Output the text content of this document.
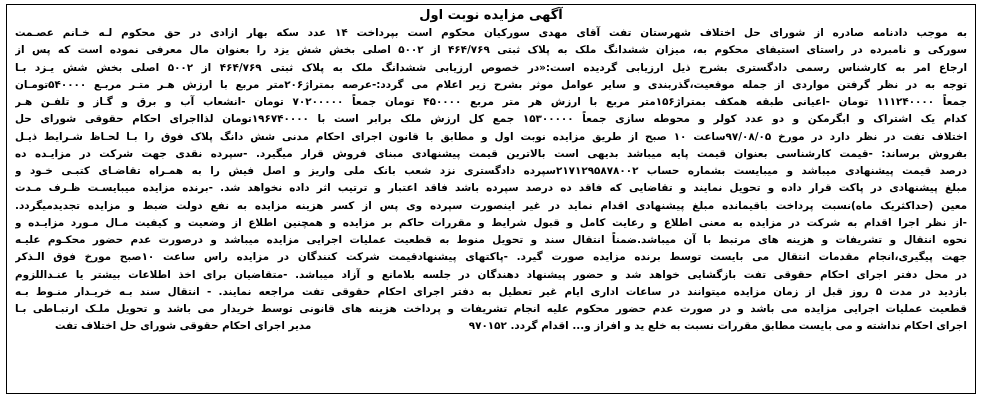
آگهی مزایده نوبت اول
به موجب دادنامه صادره از شورای حل اختلاف شهرستان تفت آقای مهدی سورکیان محکوم است بپرداخت ۱۴ عدد سکه بهار ازادی در حق محکوم لـه خـانم عصـمت
سورکی و نامبرده در راستای استیفای محکوم به، میزان ششدانگ ملک به پلاک ثبتی ۴۶۴/۷۶۹ از ۵۰۰۲ اصلی بخش شش یزد را بعنوان مال معرفی نموده است که پس از
ارجاع امر به کارشناس رسمی دادگستری بشرح ذیل ارزیابی گردیده است:«در خصوص ارزیابی ششدانگ ملک به پلاک ثبتی ۴۶۴/۷۶۹ از ۵۰۰۲ اصلی بخش شش یـزد بـا
توجه به در نظر گرفتن مواردی از جمله موقعیت،گذربندی و سایر عوامل موثر بشرح زیر اعلام می گردد:-عرصه بمتراژ۲۰۶متر مربع با ارزش هـر متـر مربـع ۵۴۰۰۰۰تومـان
جمعاً ۱۱۱۲۴۰۰۰۰ تومان -اعیانی طبقه همکف بمتراژ۱۵۶متر مربع با ارزش هر متر مربع ۴۵۰۰۰۰ تومان جمعاً ۷۰۲۰۰۰۰۰ تومان -انشعاب آب و برق و گـاز و تلفـن هـر
کدام یک اشتراک و ابگرمکن و دو عدد کولر و محوطه سازی جمعاً ۱۵۳۰۰۰۰۰ جمع کل ارزش ملک برابر است با ۱۹۶۷۴۰۰۰۰تومان لذااجرای احکام حقوقی شورای حل
اختلاف تفت در نظر دارد در مورخ ۹۷/۰۸/۰۵ساعت ۱۰ صبح از طریق مزایده نوبت اول و مطابق با قانون اجرای احکام مدنی شش دانگ پلاک فوق را بـا لحـاظ شـرایط ذیـل
بفروش برساند: -قیمت کارشناسی بعنوان قیمت پایه میباشد بدیهی است بالاترین قیمت پیشنهادی مبنای فروش قرار میگیرد. -سپرده نقدی جهت شرکت در مزایـده ده
درصد قیمت پیشنهادی میباشد و میبایست بشماره حساب ۲۱۷۱۲۹۵۸۷۸۰۰۲سپرده دادگستری نزد شعب بانک ملی واریز و اصل فیش را به همـراه تقاضـای کتبـی خـود و
مبلغ پیشنهادی در پاکت قرار داده و تحویل نمایند و تقاضایی که فاقد ده درصد سپرده باشد فاقد اعتبار و ترتیب اثر داده نخواهد شد. -برنده مزایده میبایسـت ظـرف مـدت
معین (حداکثریک ماه)نسبت پرداخت باقیمانده مبلغ پیشنهادی اقدام نماید در غیر اینصورت سپرده وی پس از کسر هزینه مزایده به نفع دولت ضبط و مزایده تجدیدمیگردد.
-از نظر اجرا اقدام به شرکت در مزایده به معنی اطلاع و رعایت کامل و قبول شرایط و مقررات حاکم بر مزایده و همچنین اطلاع از وضعیت و کیفیت مـال مـورد مزایـده و
نحوه انتقال و تشریفات و هزینه های مرتبط با آن میباشد.ضمناً انتقال سند و تحویل منوط به قطعیت عملیات اجرایی مزایده میباشد و درصورت عدم حضور محکـوم علیـه
جهت پیگیری،انجام مقدمات انتقال می بایست توسط برنده مزایده صورت گیرد. -پاکتهای پیشنهادقیمت شرکت کنندگان در مزایده راس ساعت ۱۰صبح مورخ فوق الـذکر
در محل دفتر اجرای احکام حقوقی تفت بازگشایی خواهد شد و حضور پیشنهاد دهندگان در جلسه بلامانع و آزاد میباشد. -متقاضیان برای اخذ اطلاعات بیشتر یا عنـدالل‍زوم
بازدید در مدت ۵ روز قبل از زمان مزایده میتوانند در ساعات اداری ایام غیر تعطیل به دفتر اجرای احکام حقوقی تفت مراجعه نمایند. - انتقال سند بـه خریـدار منـوط بـه
قطعیت عملیات اجرایی مزایده می باشد و در صورت عدم حضور محکوم علیه انجام تشریفات و پرداخت هزینه های قانونی توسط خریدار می باشد و تحویل ملـک ارتبـاطی بـا
اجرای احکام نداشته و می بایست مطابق مقررات نسبت به خلع ید و افراز و... اقدام گردد. ۹۷۰۱۵۲
مدیر اجرای احکام حقوقی شورای حل اختلاف تفت
